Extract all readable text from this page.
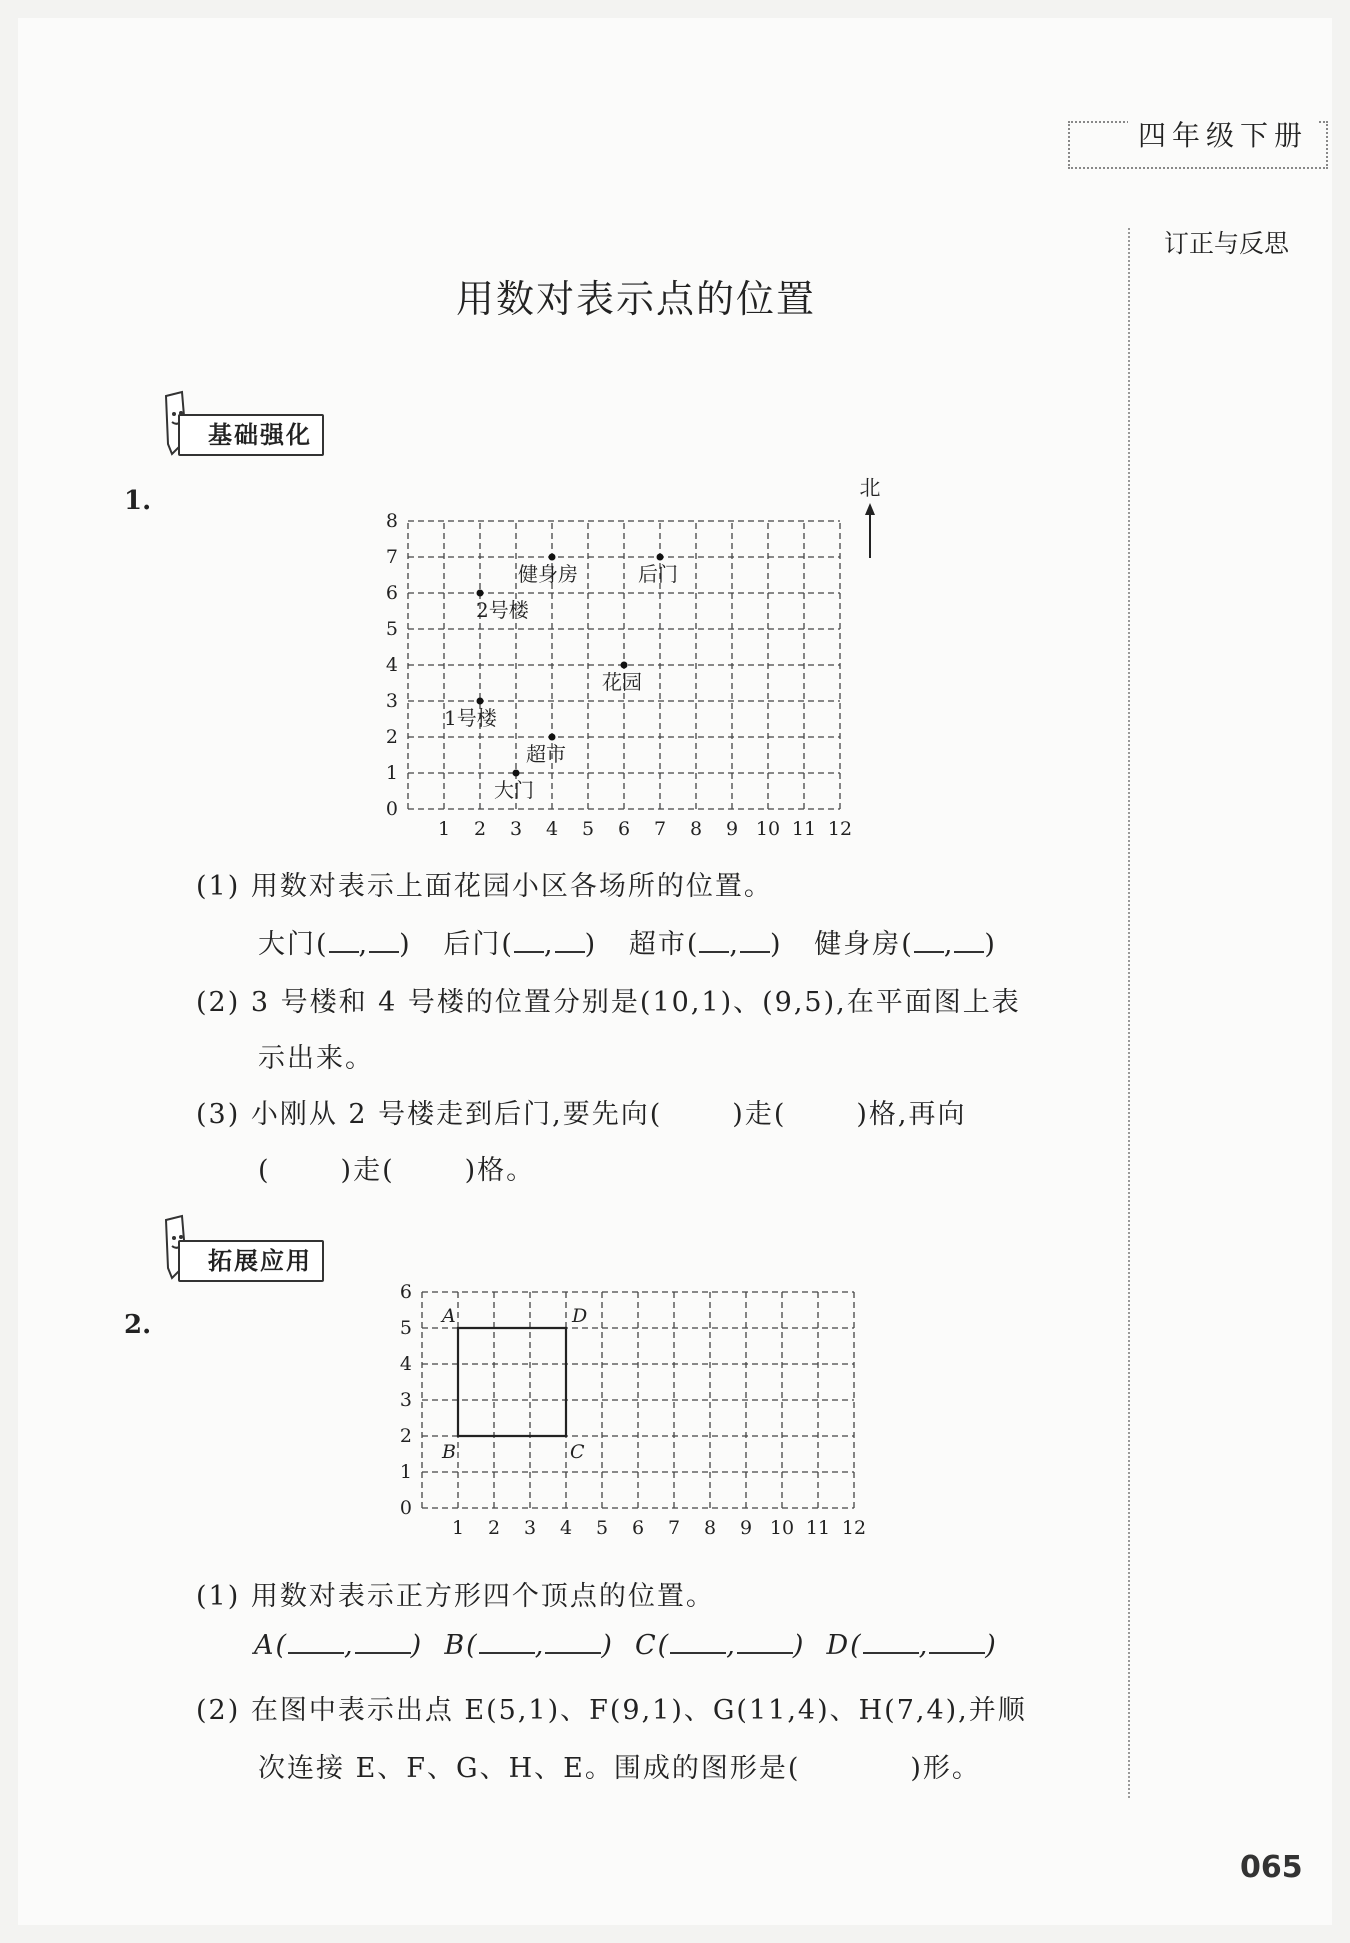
四年级下册
订正与反思
用数对表示点的位置
基础强化
1.
1 2 3 4 5 6 7 8 9 10 11 12
0
1
2
3
4
5
6
7
8
北
大门
超市
1号楼
花园
2号楼
健身房	后门
(1) 用数对表示上面花园小区各场所的位置。
大门( , )   后门( , )   超市( , )   健身房( , )
(2) 3 号楼和 4 号楼的位置分别是(10,1)、(9,5),在平面图上表
示出来。
(3) 小刚从 2 号楼走到后门,要先向(	)走(	)格,再向
(	)走(	)格。
拓展应用
2.
1 2 3 4 5 6 7 8 9 10 11 12
0
1
2
3
4
5
6
A	D
C
B
(1) 用数对表示正方形四个顶点的位置。
A( , )  B( , )  C( , )  D( , )
(2) 在图中表示出点 E(5,1)、F(9,1)、G(11,4)、H(7,4),并顺
次连接 E、F、G、H、E。围成的图形是(	)形。
065
